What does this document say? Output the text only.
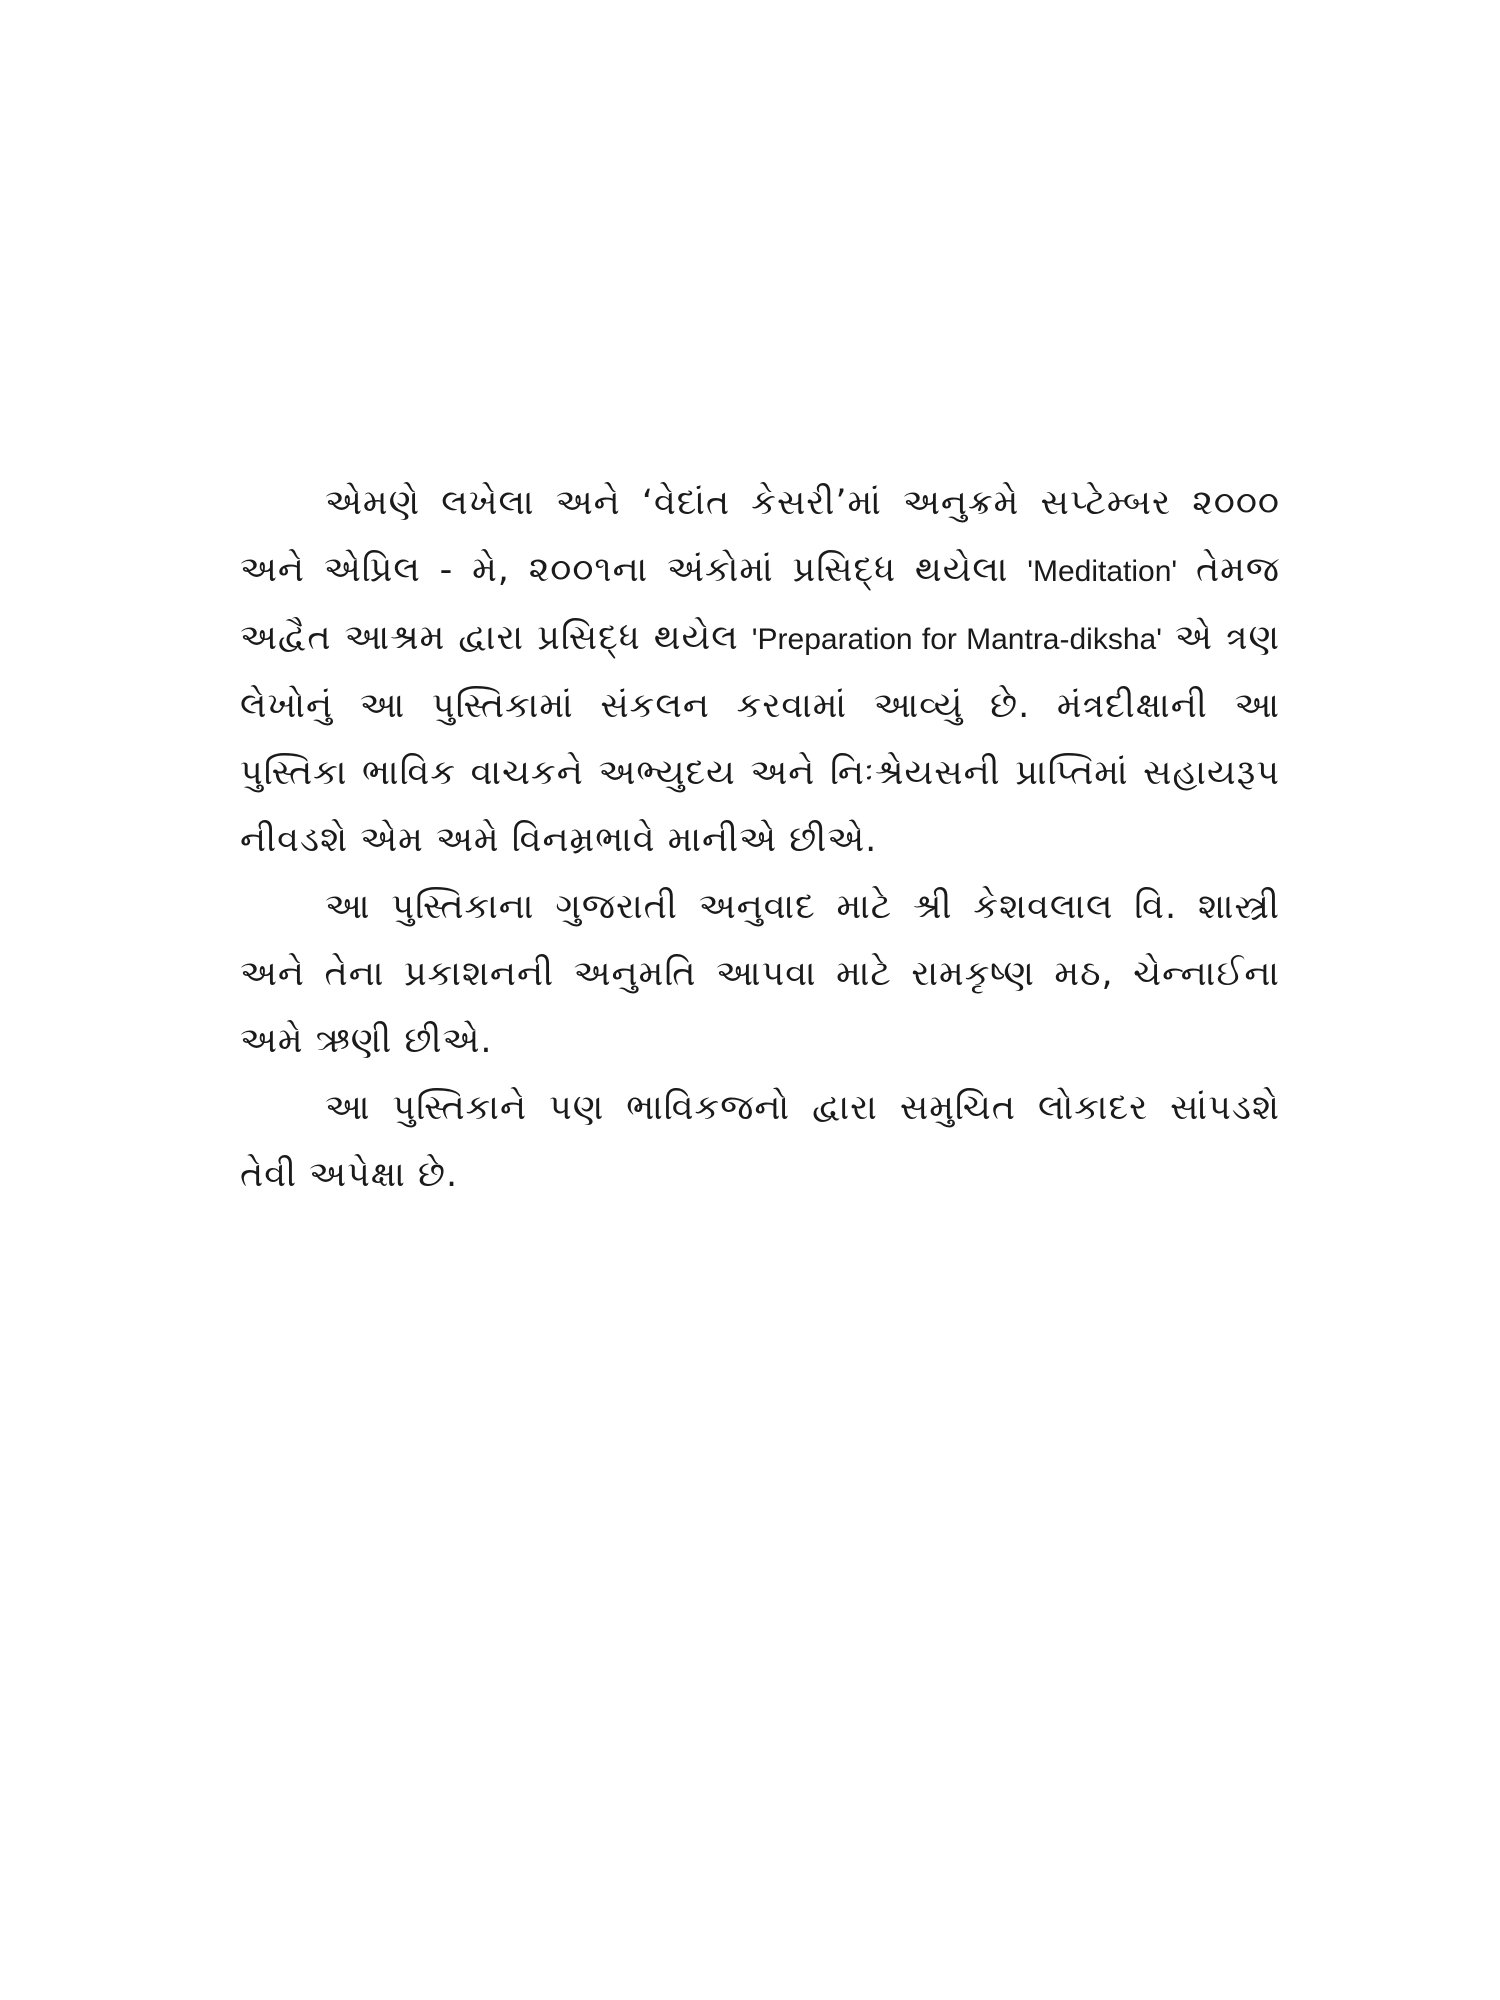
એમણે લખેલા અને ‘વેદાંત કેસરી’માં અનુક્રમે સપ્ટેમ્બર ૨૦૦૦ અને એપ્રિલ - મે, ૨૦૦૧ના અંકોમાં પ્રસિદ્ધ થયેલા 'Meditation' તેમજ અદ્વૈત આશ્રમ દ્વારા પ્રસિદ્ધ થયેલ 'Preparation for Mantra-diksha' એ ત્રણ લેખોનું આ પુસ્તિકામાં સંકલન કરવામાં આવ્યું છે. મંત્રદીક્ષાની આ પુસ્તિકા ભાવિક વાચકને અભ્યુદય અને નિઃશ્રેયસની પ્રાપ્તિમાં સહાયરૂપ નીવડશે એમ અમે વિનમ્રભાવે માનીએ છીએ.

આ પુસ્તિકાના ગુજરાતી અનુવાદ માટે શ્રી કેશવલાલ વિ. શાસ્ત્રી અને તેના પ્રકાશનની અનુમતિ આપવા માટે રામકૃષ્ણ મઠ, ચેન્નાઈના અમે ઋણી છીએ.

આ પુસ્તિકાને પણ ભાવિકજનો દ્વારા સમુચિત લોકાદર સાંપડશે તેવી અપેક્ષા છે.
